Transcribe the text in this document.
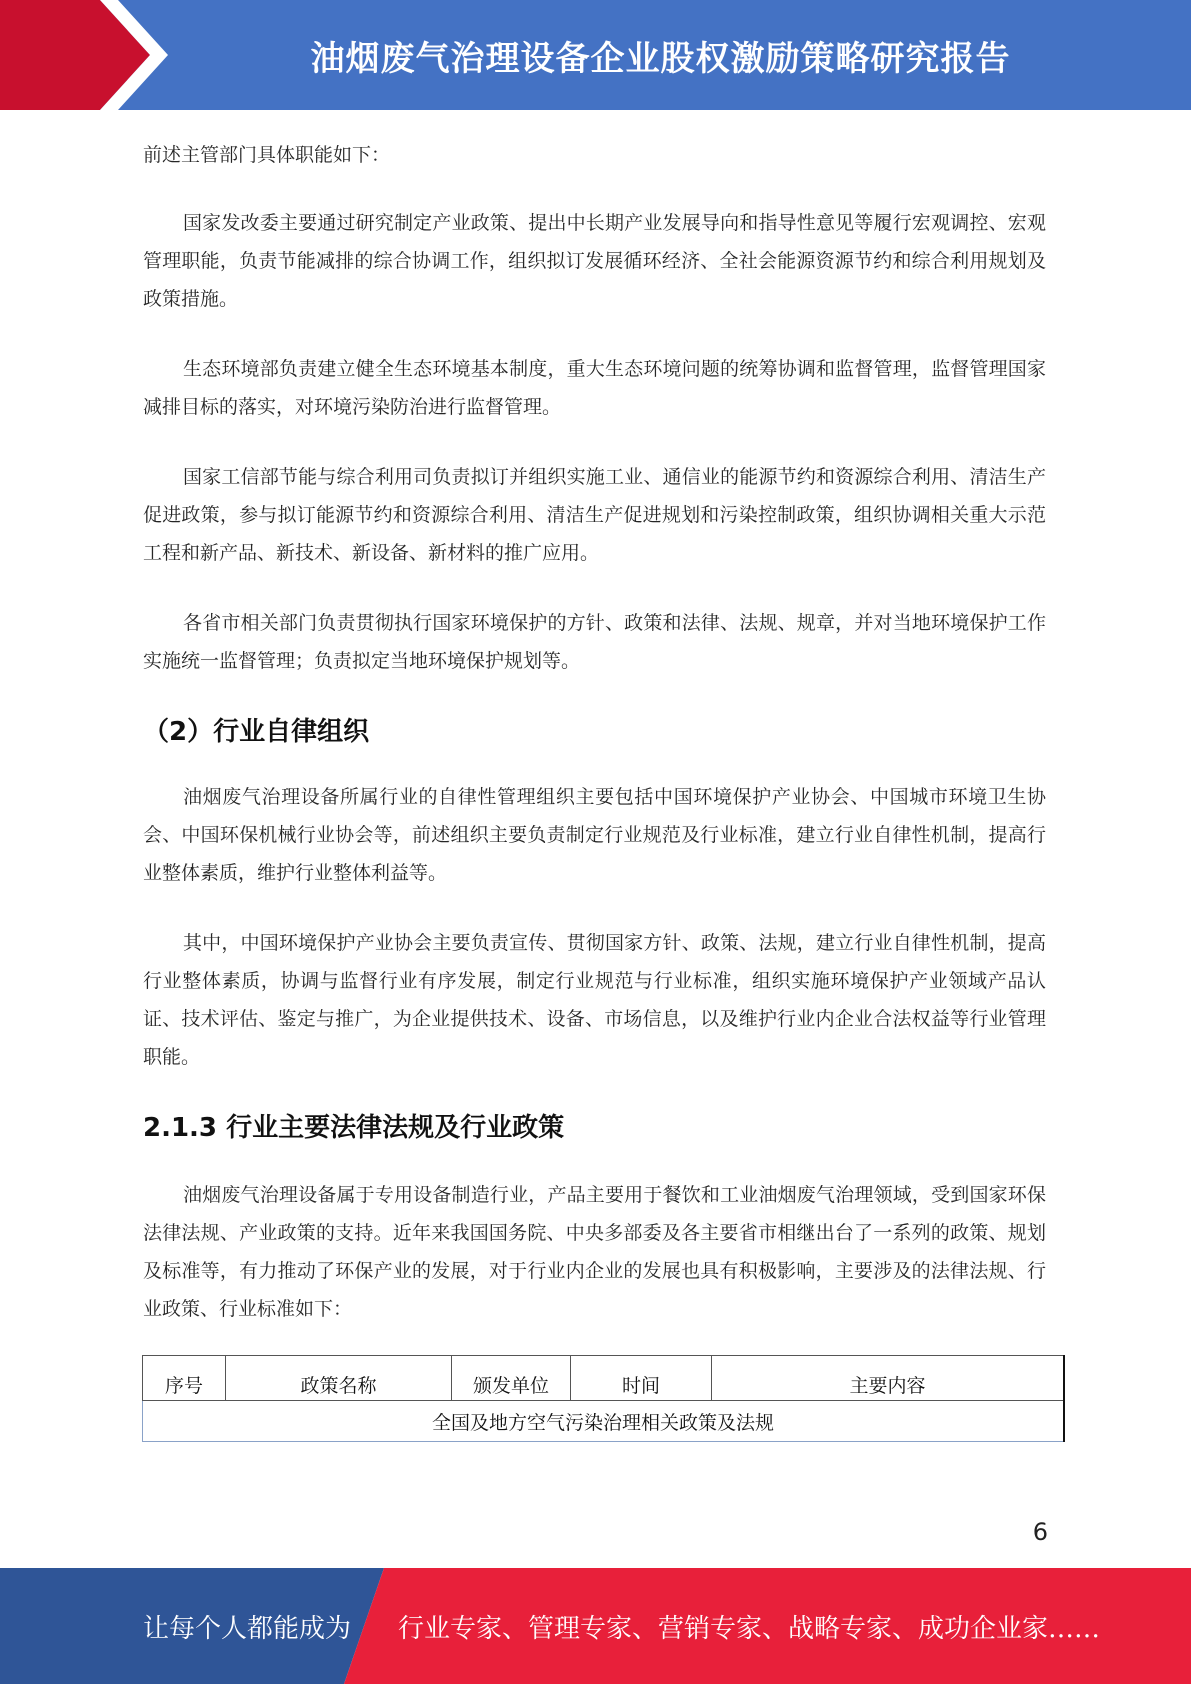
油烟废气治理设备企业股权激励策略研究报告

前述主管部门具体职能如下：

国家发改委主要通过研究制定产业政策、提出中长期产业发展导向和指导性意见等履行宏观调控、宏观管理职能，负责节能减排的综合协调工作，组织拟订发展循环经济、全社会能源资源节约和综合利用规划及政策措施。

生态环境部负责建立健全生态环境基本制度，重大生态环境问题的统筹协调和监督管理，监督管理国家减排目标的落实，对环境污染防治进行监督管理。

国家工信部节能与综合利用司负责拟订并组织实施工业、通信业的能源节约和资源综合利用、清洁生产促进政策，参与拟订能源节约和资源综合利用、清洁生产促进规划和污染控制政策，组织协调相关重大示范工程和新产品、新技术、新设备、新材料的推广应用。

各省市相关部门负责贯彻执行国家环境保护的方针、政策和法律、法规、规章，并对当地环境保护工作实施统一监督管理；负责拟定当地环境保护规划等。

（2）行业自律组织

油烟废气治理设备所属行业的自律性管理组织主要包括中国环境保护产业协会、中国城市环境卫生协会、中国环保机械行业协会等，前述组织主要负责制定行业规范及行业标准，建立行业自律性机制，提高行业整体素质，维护行业整体利益等。

其中，中国环境保护产业协会主要负责宣传、贯彻国家方针、政策、法规，建立行业自律性机制，提高行业整体素质，协调与监督行业有序发展，制定行业规范与行业标准，组织实施环境保护产业领域产品认证、技术评估、鉴定与推广，为企业提供技术、设备、市场信息，以及维护行业内企业合法权益等行业管理职能。

2.1.3 行业主要法律法规及行业政策

油烟废气治理设备属于专用设备制造行业，产品主要用于餐饮和工业油烟废气治理领域，受到国家环保法律法规、产业政策的支持。近年来我国国务院、中央多部委及各主要省市相继出台了一系列的政策、规划及标准等，有力推动了环保产业的发展，对于行业内企业的发展也具有积极影响，主要涉及的法律法规、行业政策、行业标准如下：

序号	政策名称	颁发单位	时间	主要内容
全国及地方空气污染治理相关政策及法规
6
让每个人都能成为 行业专家、管理专家、营销专家、战略专家、成功企业家……
